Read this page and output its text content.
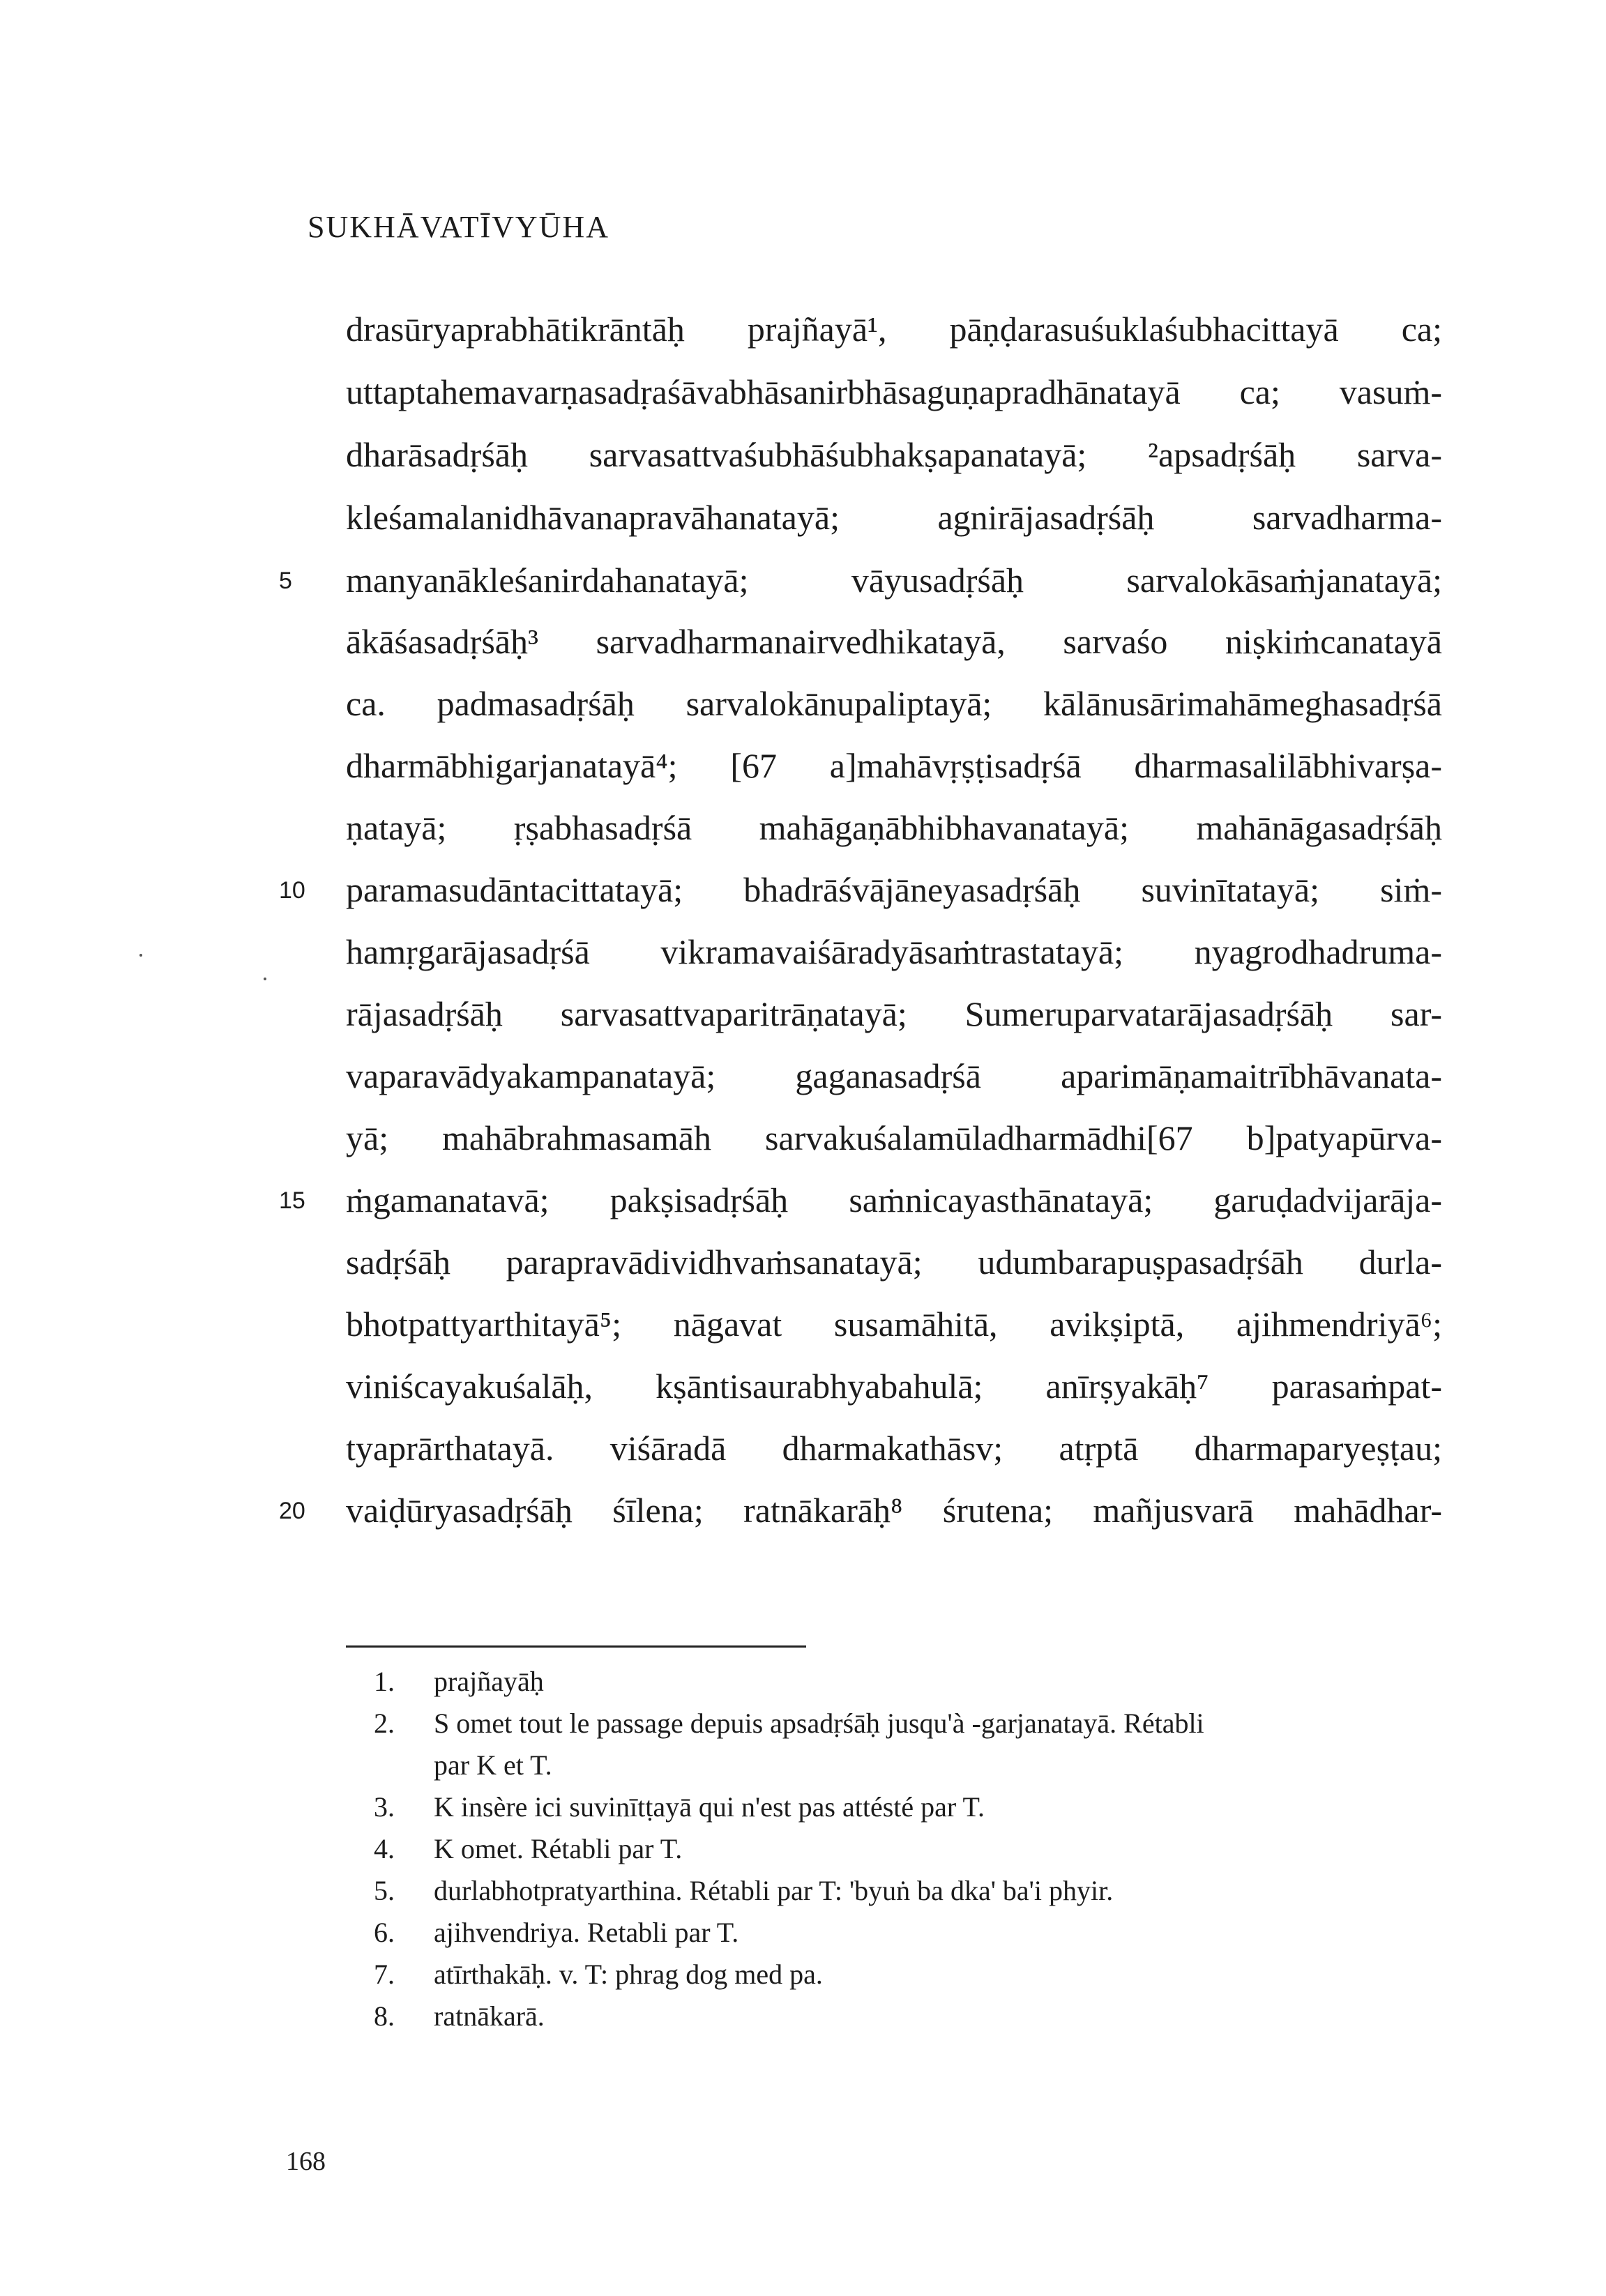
SUKHĀVATĪVYŪHA
drasūryaprabhātikrāntāḥ prajñayā¹, pāṇḍarasuśuklaśubhacittayā ca;
uttaptahemavarṇasadṛaśāvabhāsanirbhāsaguṇapradhānatayā ca; vasuṁ-
dharāsadṛśāḥ sarvasattvaśubhāśubhakṣapanatayā; ²apsadṛśāḥ sarva-
kleśamalanidhāvanapravāhanatayā; agnirājasadṛśāḥ sarvadharma-
manyanākleśanirdahanatayā; vāyusadṛśāḥ sarvalokāsaṁjanatayā;
ākāśasadṛśāḥ³ sarvadharmanairvedhikatayā, sarvaśo niṣkiṁcanatayā
ca. padmasadṛśāḥ sarvalokānupaliptayā; kālānusārimahāmeghasadṛśā
dharmābhigarjanatayā⁴; [67 a]mahāvṛṣṭisadṛśā dharmasalilābhivarṣa-
ṇatayā; ṛṣabhasadṛśā mahāgaṇābhibhavanatayā; mahānāgasadṛśāḥ
paramasudāntacittatayā; bhadrāśvājāneyasadṛśāḥ suvinītatayā; siṁ-
hamṛgarājasadṛśā vikramavaiśāradyāsaṁtrastatayā; nyagrodhadruma-
rājasadṛśāḥ sarvasattvaparitrāṇatayā; Sumeruparvatarājasadṛśāḥ sar-
vaparavādyakampanatayā; gaganasadṛśā aparimāṇamaitrībhāvanata-
yā; mahābrahmasamāh sarvakuśalamūladharmādhi[67 b]patyapūrva-
ṁgamanatavā; pakṣisadṛśāḥ saṁnicayasthānatayā; garuḍadvijarāja-
sadṛśāḥ parapravādividhvaṁsanatayā; udumbarapuṣpasadṛśāh durla-
bhotpattyarthitayā⁵; nāgavat susamāhitā, avikṣiptā, ajihmendriyā⁶;
viniścayakuśalāḥ, kṣāntisaurabhyabahulā; anīrṣyakāḥ⁷ parasaṁpat-
tyaprārthatayā. viśāradā dharmakathāsv; atṛptā dharmaparyeṣṭau;
vaiḍūryasadṛśāḥ śīlena; ratnākarāḥ⁸ śrutena; mañjusvarā mahādhar-
5
10
15
20
1. prajñayāḥ
2. S omet tout le passage depuis apsadṛśāḥ jusqu'à -garjanatayā. Rétabli
par K et T.
3. K insère ici suvinītṭayā qui n'est pas attésté par T.
4. K omet. Rétabli par T.
5. durlabhotpratyarthina. Rétabli par T: 'byuṅ ba dka' ba'i phyir.
6. ajihvendriya. Retabli par T.
7. atīrthakāḥ. v. T: phrag dog med pa.
8. ratnākarā.
168
